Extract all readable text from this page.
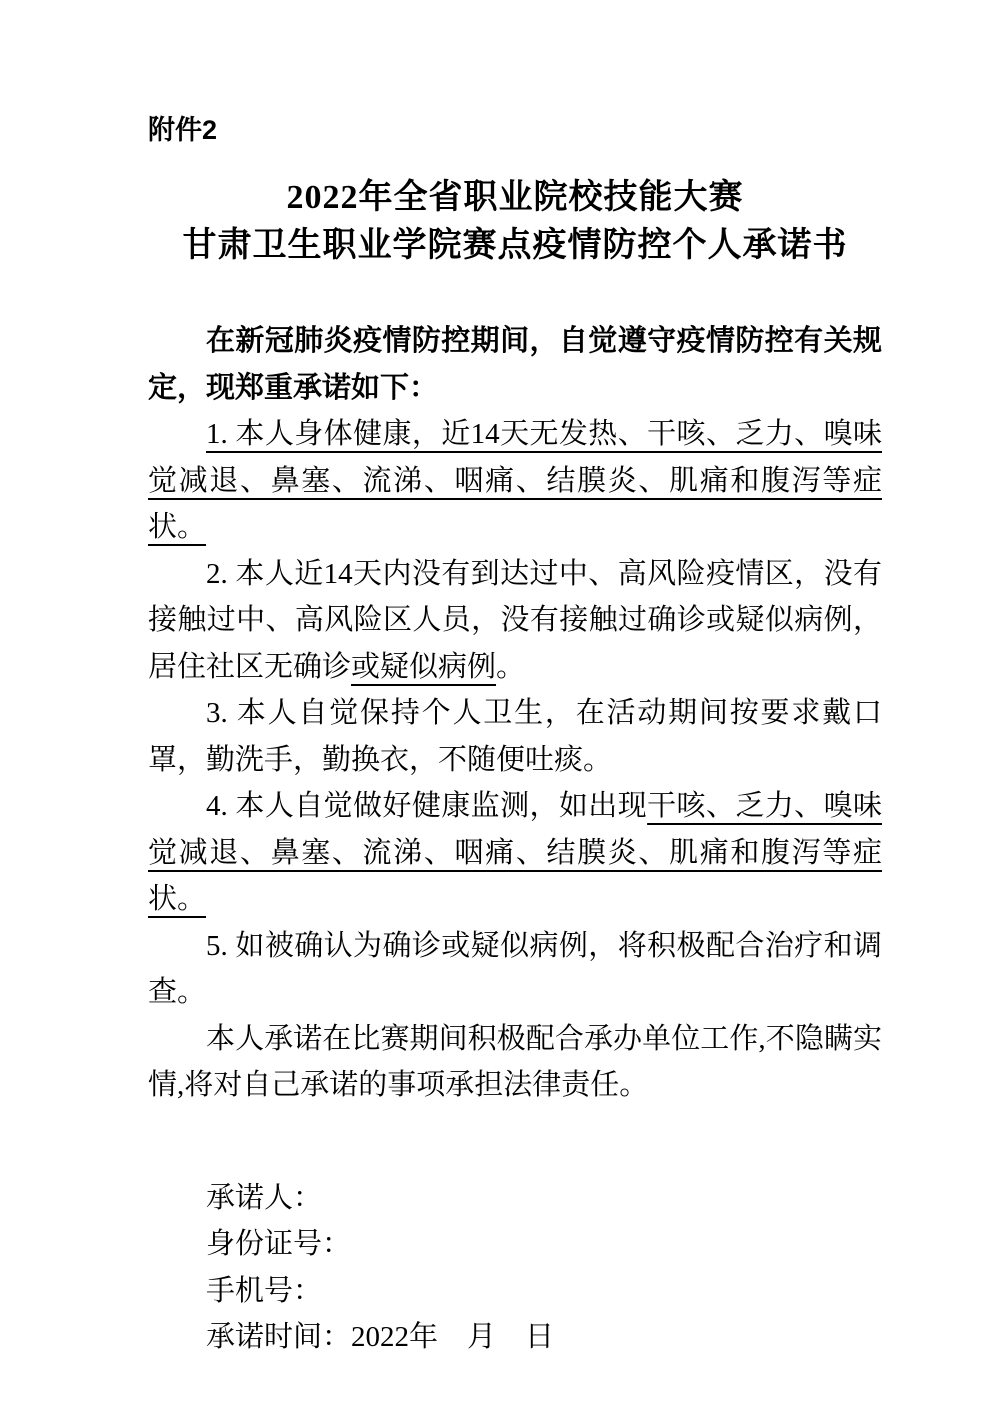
附件2
2022年全省职业院校技能大赛
甘肃卫生职业学院赛点疫情防控个人承诺书

在新冠肺炎疫情防控期间，自觉遵守疫情防控有关规定，现郑重承诺如下：

1. 本人身体健康，近14天无发热、干咳、乏力、嗅味觉减退、鼻塞、流涕、咽痛、结膜炎、肌痛和腹泻等症状。

2. 本人近14天内没有到达过中、高风险疫情区，没有接触过中、高风险区人员，没有接触过确诊或疑似病例，居住社区无确诊或疑似病例。

3. 本人自觉保持个人卫生，在活动期间按要求戴口罩，勤洗手，勤换衣，不随便吐痰。

4. 本人自觉做好健康监测，如出现干咳、乏力、嗅味觉减退、鼻塞、流涕、咽痛、结膜炎、肌痛和腹泻等症状。

5. 如被确认为确诊或疑似病例，将积极配合治疗和调查。

本人承诺在比赛期间积极配合承办单位工作,不隐瞒实情,将对自己承诺的事项承担法律责任。

承诺人：
身份证号：
手机号：
承诺时间：2022年　月　日
